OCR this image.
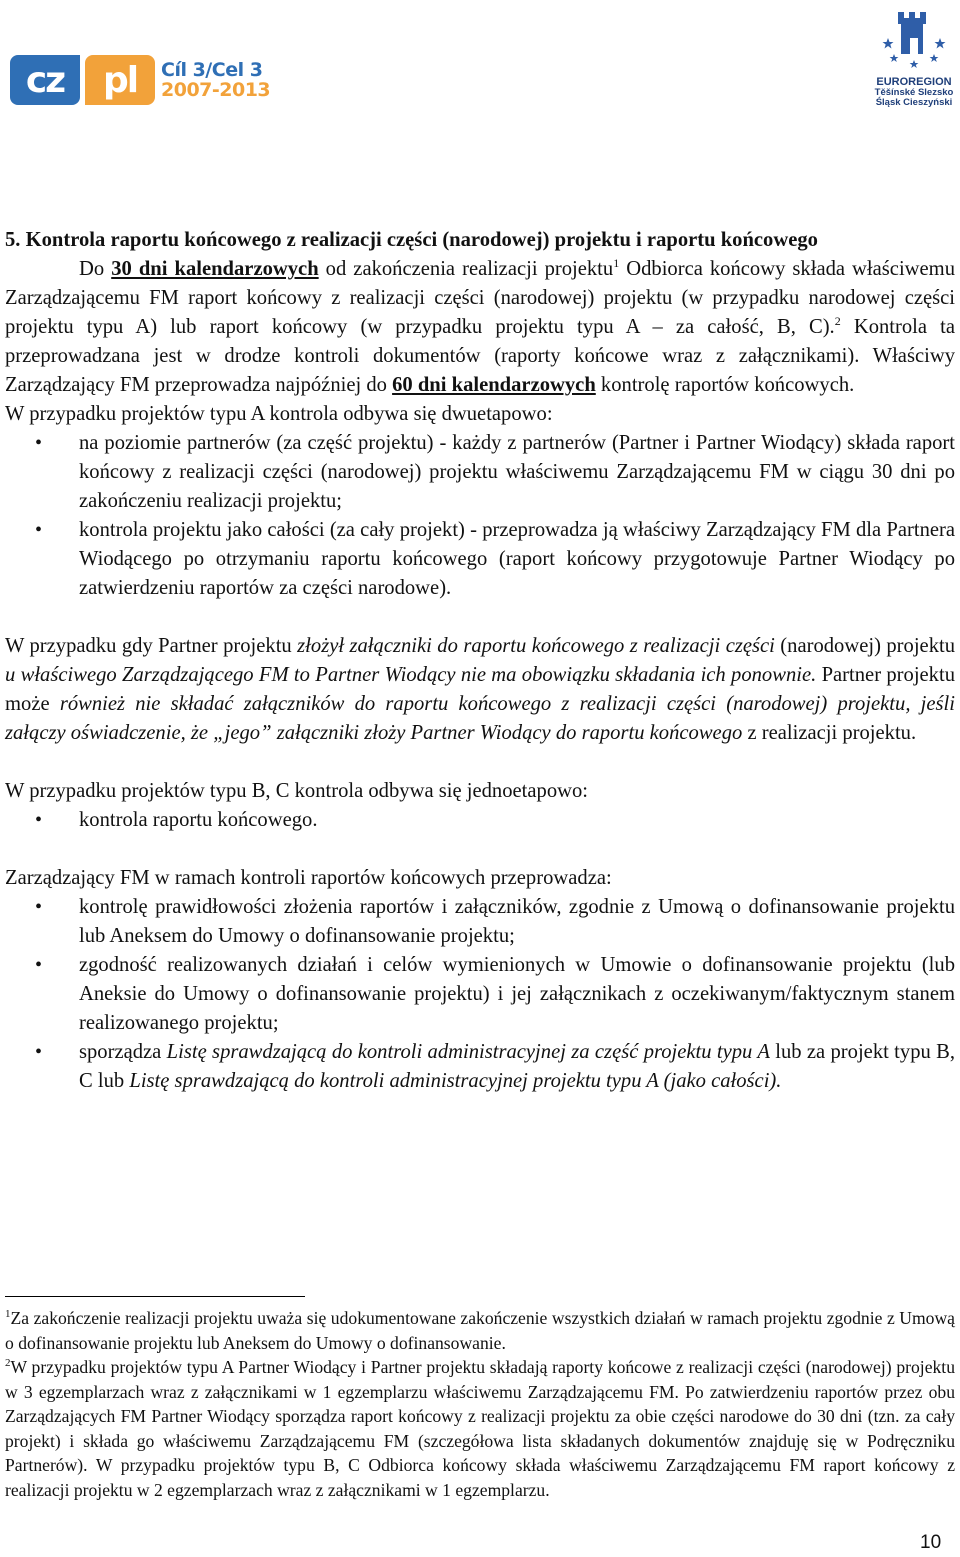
cz	pl	Cíl 3/Cel 3
2007-2013	EUROREGION
Těšínské Slezsko
Śląsk Cieszyński

5. Kontrola raportu końcowego z realizacji części (narodowej) projektu i raportu końcowego

Do 30 dni kalendarzowych od zakończenia realizacji projektu$^1$ Odbiorca końcowy składa właściwemu Zarządzającemu FM raport końcowy z realizacji części (narodowej) projektu (w przypadku narodowej części projektu typu A) lub raport końcowy (w przypadku projektu typu A – za całość, B, C).$^2$ Kontrola ta przeprowadzana jest w drodze kontroli dokumentów (raporty końcowe wraz z załącznikami). Właściwy Zarządzający FM przeprowadza najpóźniej do 60 dni kalendarzowych kontrolę raportów końcowych.

W przypadku projektów typu A kontrola odbywa się dwuetapowo:

• na poziomie partnerów (za część projektu) - każdy z partnerów (Partner i Partner Wiodący) składa raport końcowy z realizacji części (narodowej) projektu właściwemu Zarządzającemu FM w ciągu 30 dni po zakończeniu realizacji projektu;
• kontrola projektu jako całości (za cały projekt) - przeprowadza ją właściwy Zarządzający FM dla Partnera Wiodącego po otrzymaniu raportu końcowego (raport końcowy przygotowuje Partner Wiodący po zatwierdzeniu raportów za części narodowe).

W przypadku gdy Partner projektu złożył załączniki do raportu końcowego z realizacji części (narodowej) projektu u właściwego Zarządzającego FM to Partner Wiodący nie ma obowiązku składania ich ponownie. Partner projektu może również nie składać załączników do raportu końcowego z realizacji części (narodowej) projektu, jeśli załączy oświadczenie, że „jego” załączniki złoży Partner Wiodący do raportu końcowego z realizacji projektu.

W przypadku projektów typu B, C kontrola odbywa się jednoetapowo:

• kontrola raportu końcowego.

Zarządzający FM w ramach kontroli raportów końcowych przeprowadza:

• kontrolę prawidłowości złożenia raportów i załączników, zgodnie z Umową o dofinansowanie projektu lub Aneksem do Umowy o dofinansowanie projektu;
• zgodność realizowanych działań i celów wymienionych w Umowie o dofinansowanie projektu (lub Aneksie do Umowy o dofinansowanie projektu) i jej załącznikach z oczekiwanym/faktycznym stanem realizowanego projektu;
• sporządza Listę sprawdzającą do kontroli administracyjnej za część projektu typu A lub za projekt typu B, C lub Listę sprawdzającą do kontroli administracyjnej projektu typu A (jako całości).

$^1$Za zakończenie realizacji projektu uważa się udokumentowane zakończenie wszystkich działań w ramach projektu zgodnie z Umową o dofinansowanie projektu lub Aneksem do Umowy o dofinansowanie.

$^2$W przypadku projektów typu A Partner Wiodący i Partner projektu składają raporty końcowe z realizacji części (narodowej) projektu w 3 egzemplarzach wraz z załącznikami w 1 egzemplarzu właściwemu Zarządzającemu FM. Po zatwierdzeniu raportów przez obu Zarządzających FM Partner Wiodący sporządza raport końcowy z realizacji projektu za obie części narodowe do 30 dni (tzn. za cały projekt) i składa go właściwemu Zarządzającemu FM (szczegółowa lista składanych dokumentów znajduję się w Podręczniku Partnerów). W przypadku projektów typu B, C Odbiorca końcowy składa właściwemu Zarządzającemu FM raport końcowy z realizacji projektu w 2 egzemplarzach wraz z załącznikami w 1 egzemplarzu.

10
